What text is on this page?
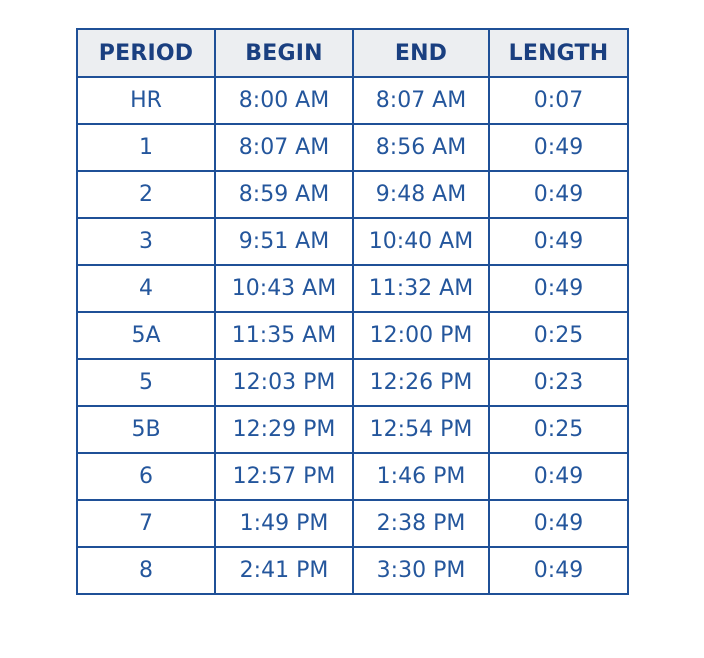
PERIOD	BEGIN	END	LENGTH
HR	8:00 AM	8:07 AM	0:07
1	8:07 AM	8:56 AM	0:49
2	8:59 AM	9:48 AM	0:49
3	9:51 AM	10:40 AM	0:49
4	10:43 AM	11:32 AM	0:49
5A	11:35 AM	12:00 PM	0:25
5	12:03 PM	12:26 PM	0:23
5B	12:29 PM	12:54 PM	0:25
6	12:57 PM	1:46 PM	0:49
7	1:49 PM	2:38 PM	0:49
8	2:41 PM	3:30 PM	0:49
